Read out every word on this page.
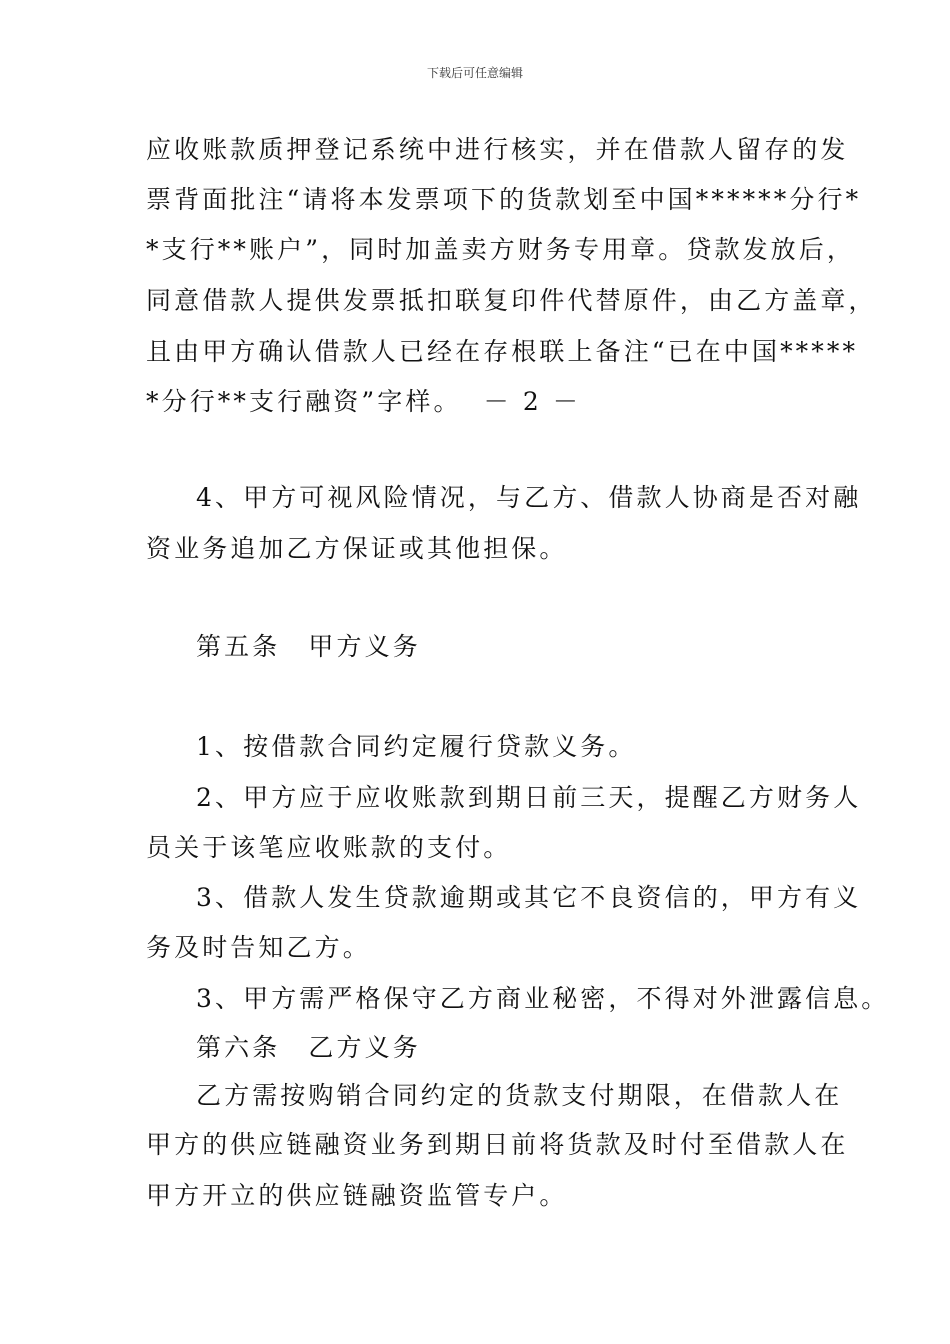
下载后可任意编辑
应收账款质押登记系统中进行核实，并在借款人留存的发
票背面批注“请将本发票项下的货款划至中国******分行*
*支行**账户”，同时加盖卖方财务专用章。贷款发放后，
同意借款人提供发票抵扣联复印件代替原件，由乙方盖章，
且由甲方确认借款人已经在存根联上备注“已在中国*****
*分行**支行融资”字样。  － 2 －
4、甲方可视风险情况，与乙方、借款人协商是否对融
资业务追加乙方保证或其他担保。
第五条　甲方义务
1、按借款合同约定履行贷款义务。
2、甲方应于应收账款到期日前三天，提醒乙方财务人
员关于该笔应收账款的支付。
3、借款人发生贷款逾期或其它不良资信的，甲方有义
务及时告知乙方。
3、甲方需严格保守乙方商业秘密，不得对外泄露信息。
第六条　乙方义务
乙方需按购销合同约定的货款支付期限，在借款人在
甲方的供应链融资业务到期日前将货款及时付至借款人在
甲方开立的供应链融资监管专户。
